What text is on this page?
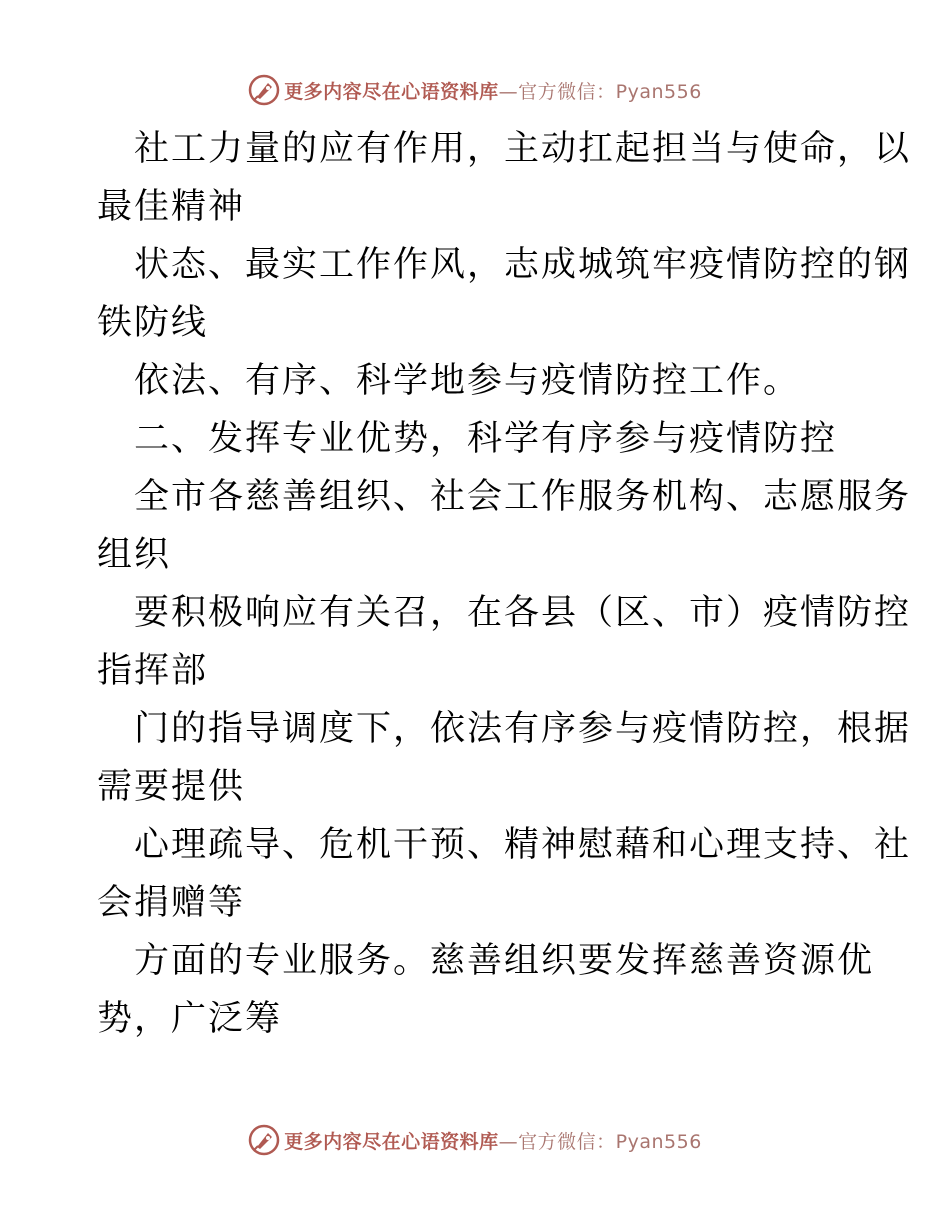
更多内容尽在心语资料库—官方微信：Pyan556
社工力量的应有作用，主动扛起担当与使命，以
最佳精神
状态、最实工作作风，志成城筑牢疫情防控的钢
铁防线
依法、有序、科学地参与疫情防控工作。
二、发挥专业优势，科学有序参与疫情防控
全市各慈善组织、社会工作服务机构、志愿服务
组织
要积极响应有关召，在各县（区、市）疫情防控
指挥部
门的指导调度下，依法有序参与疫情防控，根据
需要提供
心理疏导、危机干预、精神慰藉和心理支持、社
会捐赠等
方面的专业服务。慈善组织要发挥慈善资源优
势，广泛筹
更多内容尽在心语资料库—官方微信：Pyan556
